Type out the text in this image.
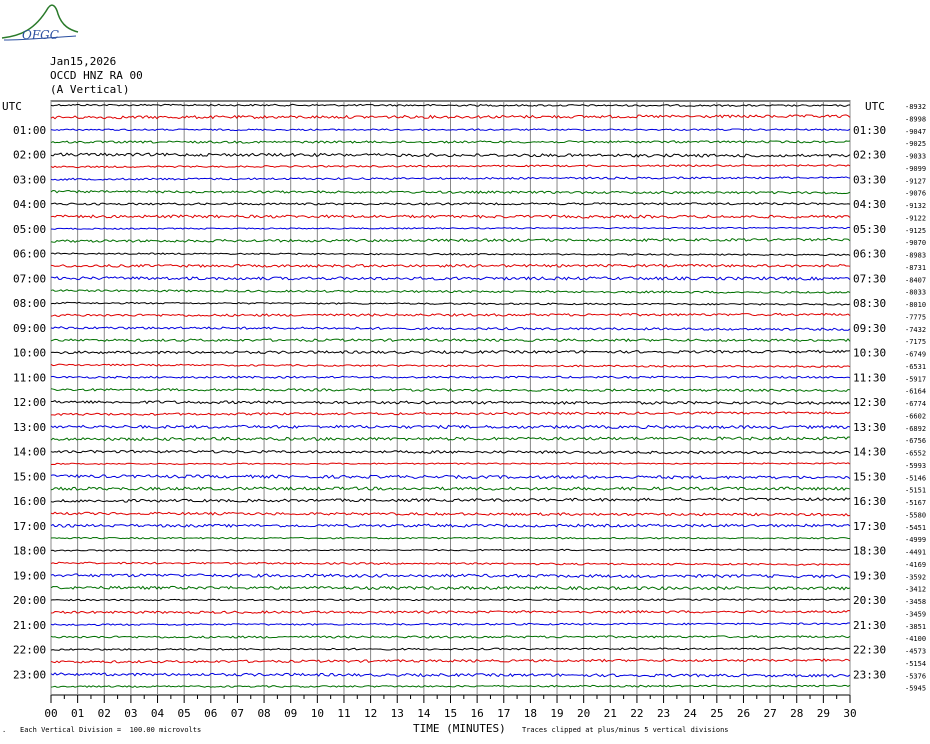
OFGC
Jan15,2026
OCCD HNZ RA 00
(A Vertical)
UTC	UTC
00 01 02 03 04 05 06 07 08 09 10 11 12 13 14 15 16 17 18 19 20 21 22 23 24 25 26 27 28 29 30
-8932
-8998
-9047
-9025
-9033
-9099
-9127
-9076
-9132
-9122
-9125
-9070
-8983
-8731
-8407
-8033
-8010
-7775
-7432
-7175
-6749
-6531
-5917
-6164
-6774
-6602
-6892
-6756
-6552
-5993
-5146
-5151
-5167
-5580
-5451
-4999
-4491
-4169
-3592
-3412
-3458
-3459
-3851
-4100
-4573
-5154
-5376
-5945
01:00	01:30
02:00	02:30
03:00	03:30
04:00	04:30
05:00	05:30
06:00	06:30
07:00	07:30
08:00	08:30
09:00	09:30
10:00	10:30
11:00	11:30
12:00	12:30
13:00	13:30
14:00	14:30
15:00	15:30
16:00	16:30
17:00	17:30
18:00	18:30
19:00	19:30
20:00	20:30
21:00	21:30
22:00	22:30
23:00	23:30
. Each Vertical Division =  100.00 microvolts	TIME (MINUTES) Traces clipped at plus/minus 5 vertical divisions
